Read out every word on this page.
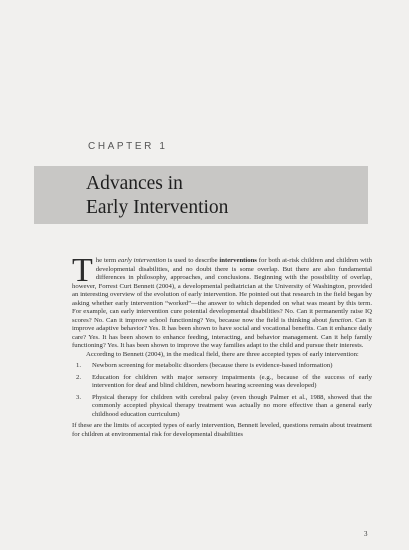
CHAPTER 1
Advances in
Early Intervention

The term early intervention is used to describe interventions for both at-risk children and children with developmental disabilities, and no doubt there is some overlap. But there are also fundamental differences in philosophy, approaches, and conclusions. Beginning with the possibility of overlap, however, Forrest Curt Bennett (2004), a developmental pediatrician at the University of Washington, provided an interesting overview of the evolution of early intervention. He pointed out that research in the field began by asking whether early intervention “worked”—the answer to which depended on what was meant by this term. For example, can early intervention cure potential developmental disabilities? No. Can it permanently raise IQ scores? No. Can it improve school functioning? Yes, because now the field is thinking about function. Can it improve adaptive behavior? Yes. It has been shown to have social and vocational benefits. Can it enhance daily care? Yes. It has been shown to enhance feeding, interacting, and behavior management. Can it help family functioning? Yes. It has been shown to improve the way families adapt to the child and pursue their interests.

According to Bennett (2004), in the medical field, there are three accepted types of early intervention:

1. Newborn screening for metabolic disorders (because there is evidence-based information)
2. Education for children with major sensory impairments (e.g., because of the success of early intervention for deaf and blind children, newborn hearing screening was developed)
3. Physical therapy for children with cerebral palsy (even though Palmer et al., 1988, showed that the commonly accepted physical therapy treatment was actually no more effective than a general early childhood education curriculum)

If these are the limits of accepted types of early intervention, Bennett leveled, questions remain about treatment for children at environmental risk for developmental disabilities

3
